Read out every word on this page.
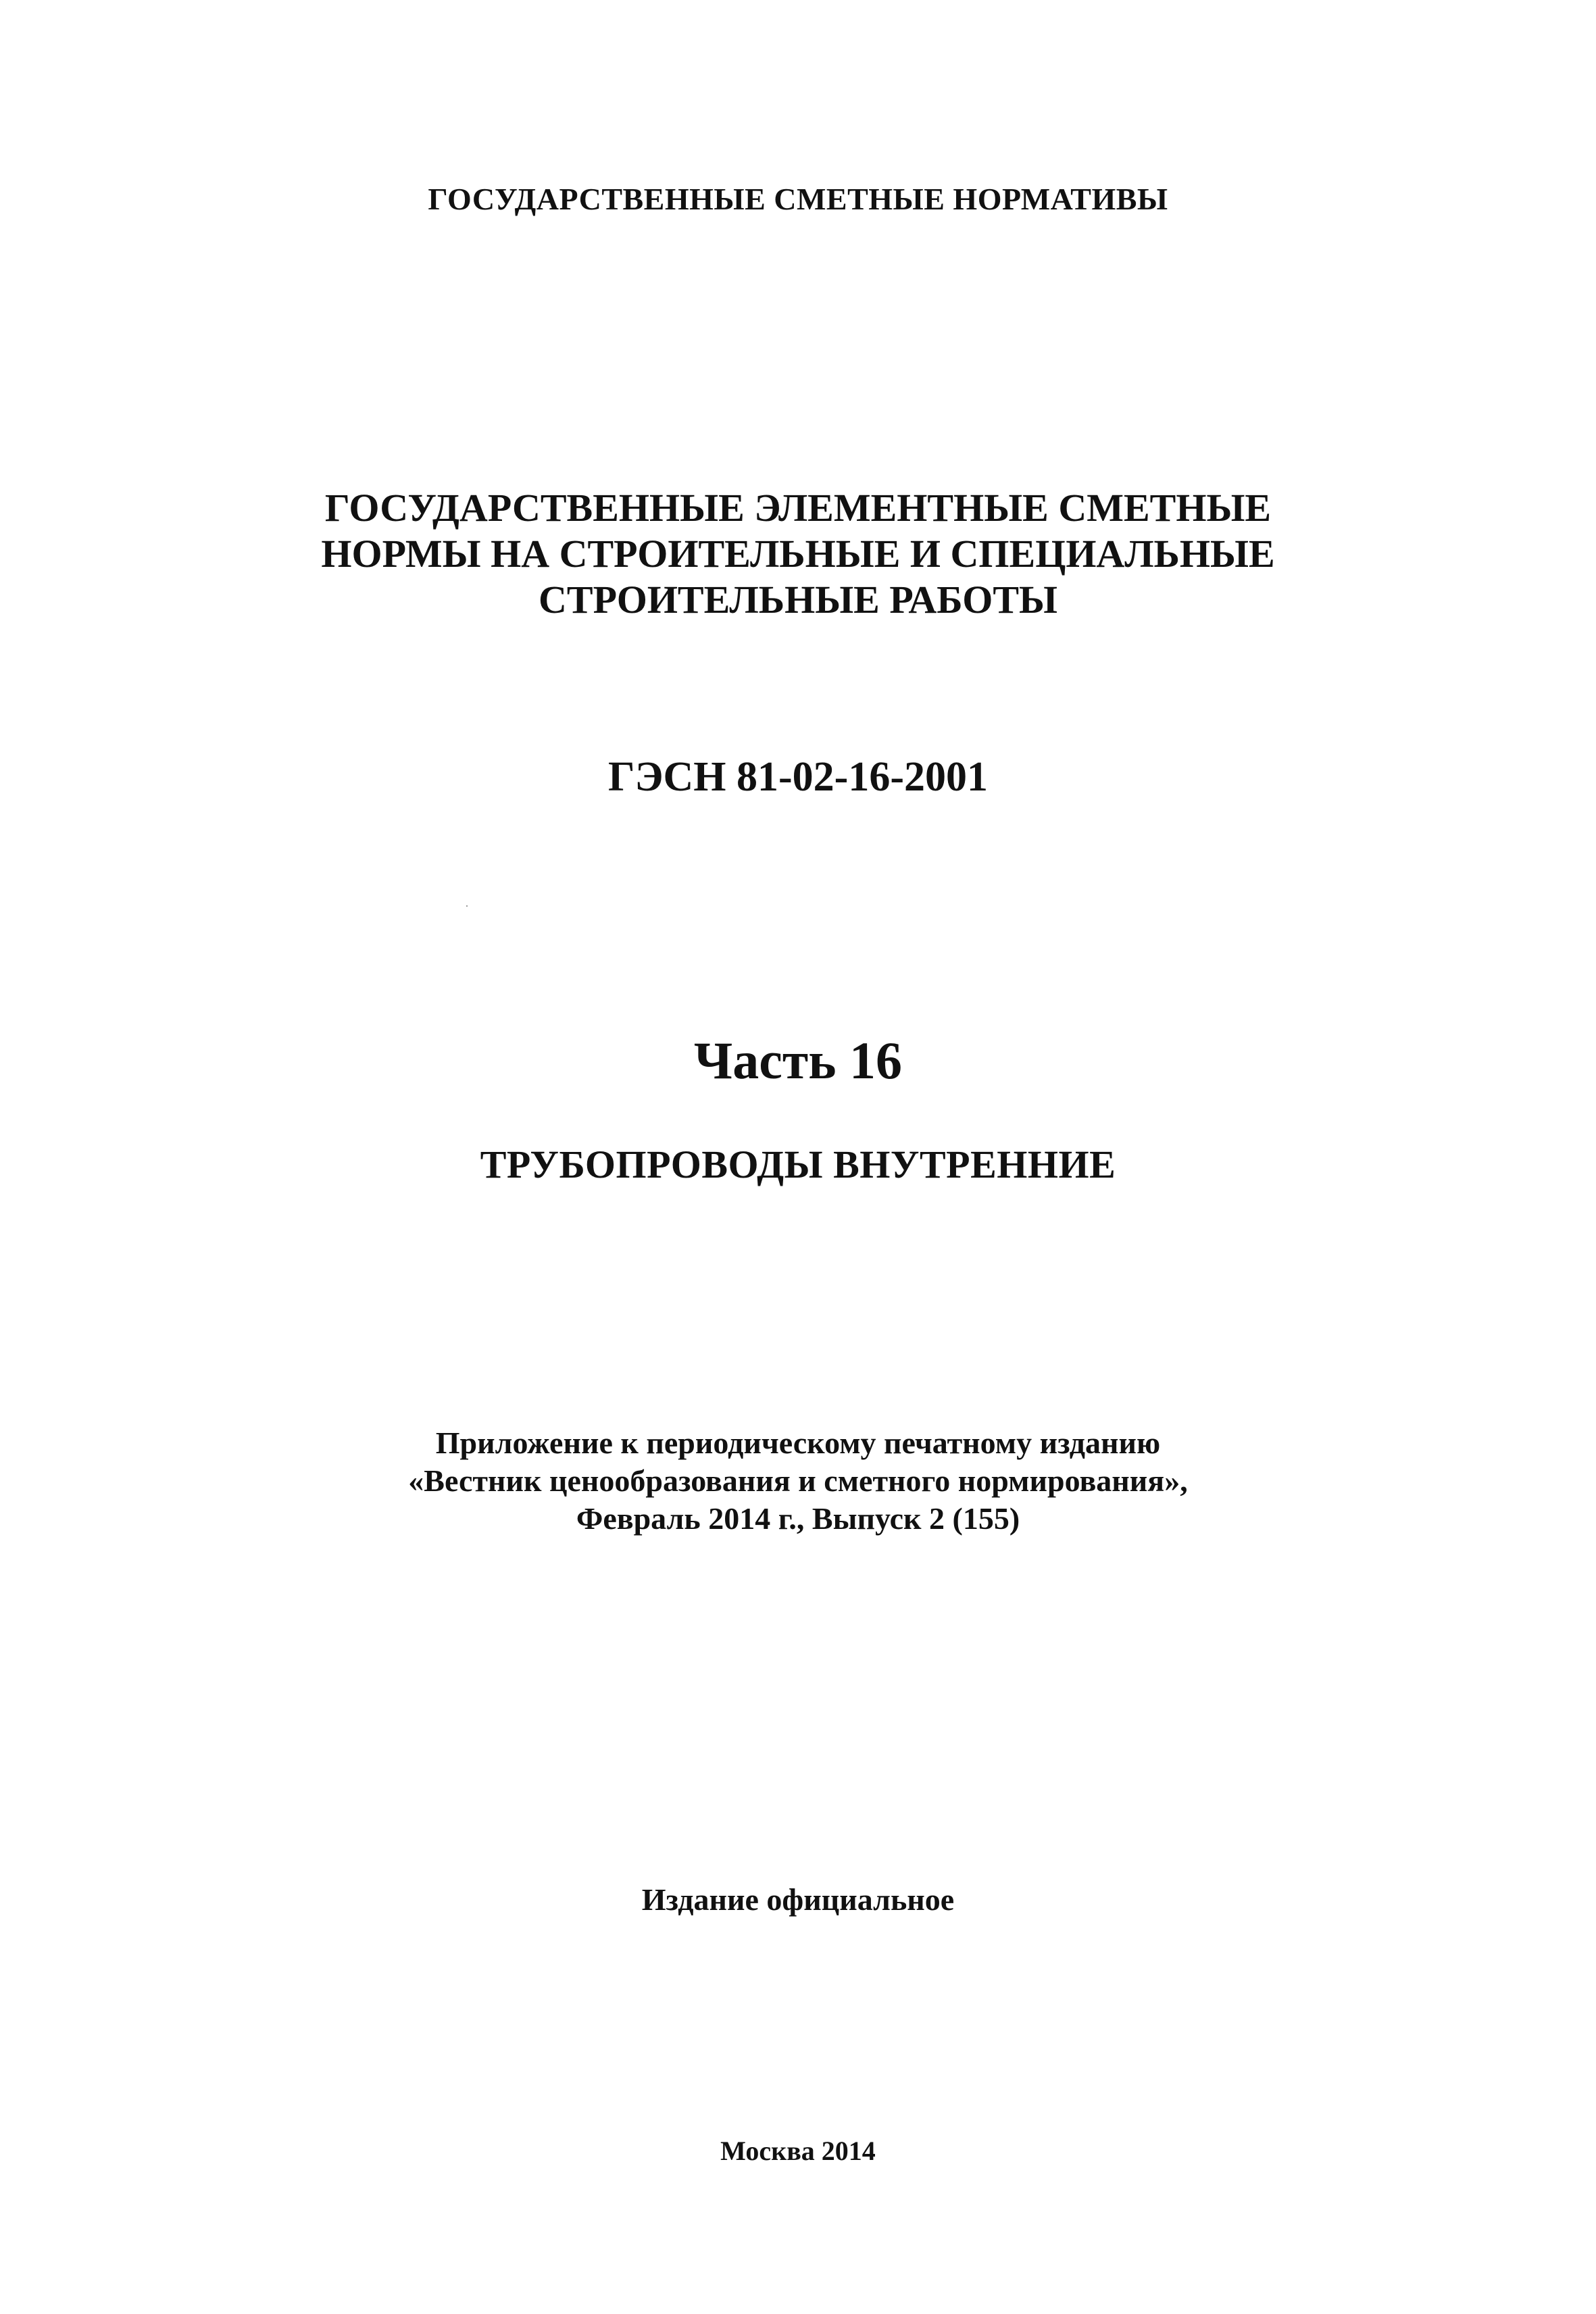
ГОСУДАРСТВЕННЫЕ СМЕТНЫЕ НОРМАТИВЫ
ГОСУДАРСТВЕННЫЕ ЭЛЕМЕНТНЫЕ СМЕТНЫЕ
НОРМЫ НА СТРОИТЕЛЬНЫЕ И СПЕЦИАЛЬНЫЕ
СТРОИТЕЛЬНЫЕ РАБОТЫ
ГЭСН 81-02-16-2001
Часть 16
ТРУБОПРОВОДЫ ВНУТРЕННИЕ
Приложение к периодическому печатному изданию
«Вестник ценообразования и сметного нормирования»,
Февраль 2014 г., Выпуск 2 (155)
Издание официальное
Москва 2014
